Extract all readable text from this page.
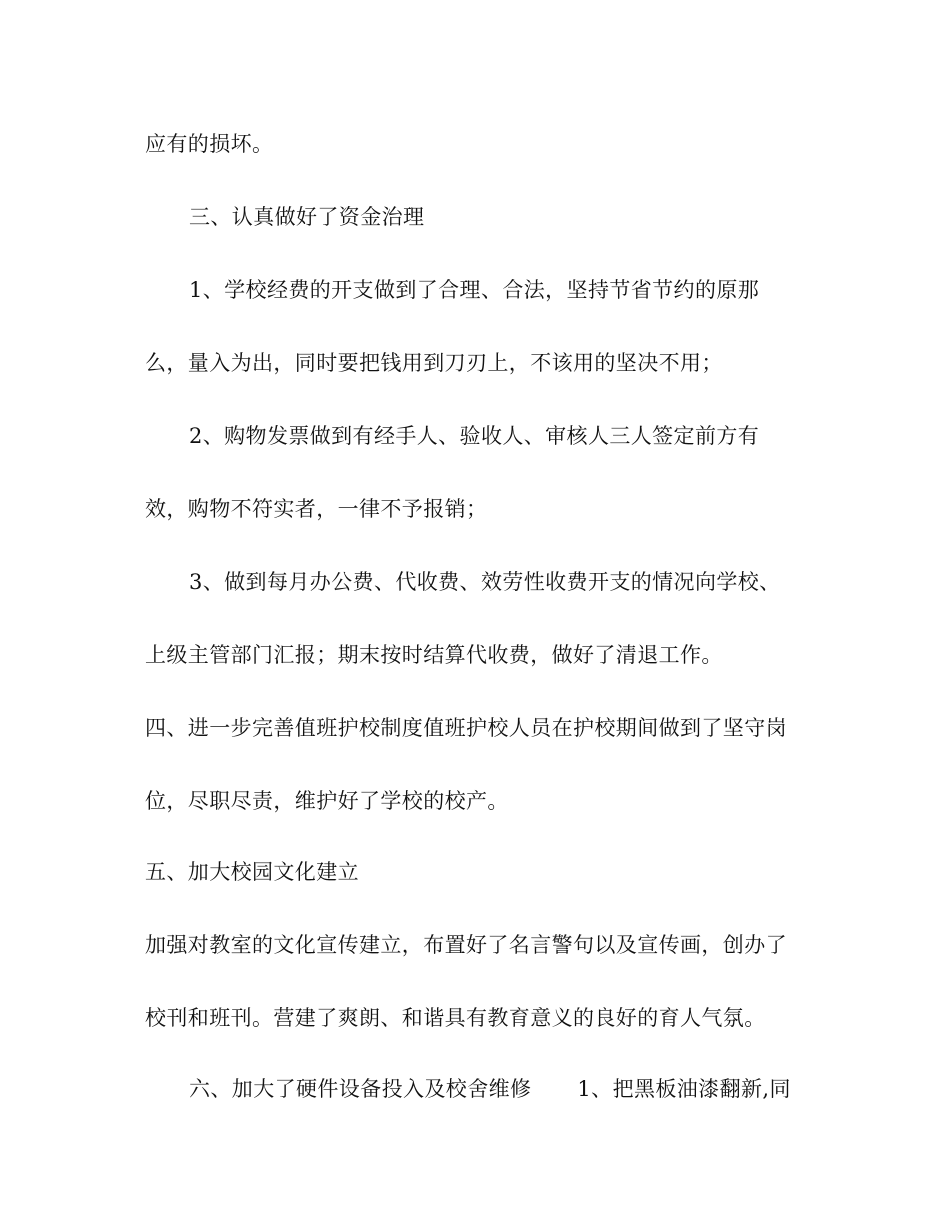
应有的损坏。
三、认真做好了资金治理
1、学校经费的开支做到了合理、合法，坚持节省节约的原那
么，量入为出，同时要把钱用到刀刃上，不该用的坚决不用；
2、购物发票做到有经手人、验收人、审核人三人签定前方有
效，购物不符实者，一律不予报销；
3、做到每月办公费、代收费、效劳性收费开支的情况向学校、
上级主管部门汇报；期末按时结算代收费，做好了清退工作。
四、进一步完善值班护校制度值班护校人员在护校期间做到了坚守岗
位，尽职尽责，维护好了学校的校产。
五、加大校园文化建立
加强对教室的文化宣传建立，布置好了名言警句以及宣传画，创办了
校刊和班刊。营建了爽朗、和谐具有教育意义的良好的育人气氛。
六、加大了硬件设备投入及校舍维修 1、把黑板油漆翻新,同
